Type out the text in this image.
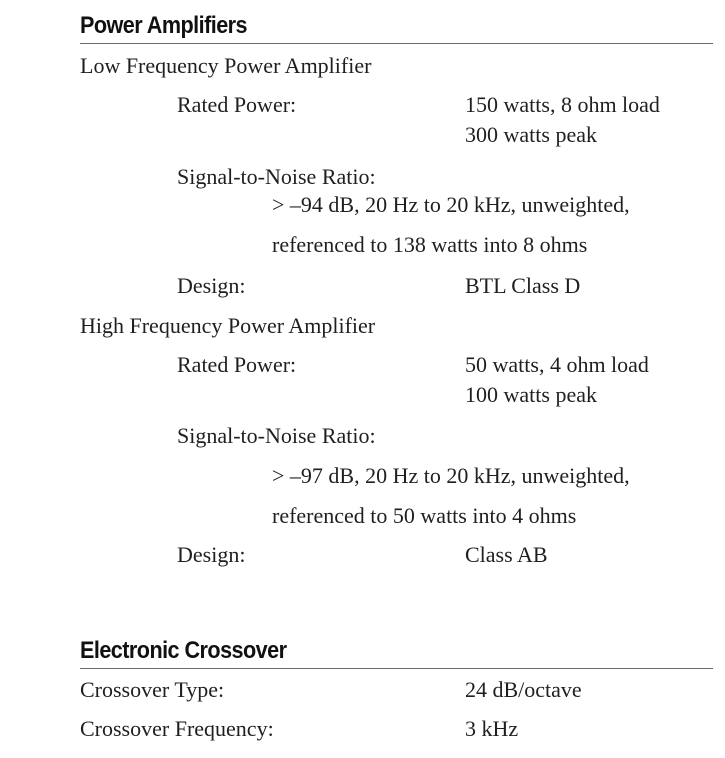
Power Amplifiers
Low Frequency Power Amplifier
Rated Power:	150 watts, 8 ohm load
300 watts peak
Signal-to-Noise Ratio:
> –94 dB, 20 Hz to 20 kHz, unweighted,
referenced to 138 watts into 8 ohms
Design:	BTL Class D
High Frequency Power Amplifier
Rated Power:	50 watts, 4 ohm load
100 watts peak
Signal-to-Noise Ratio:
> –97 dB, 20 Hz to 20 kHz, unweighted,
referenced to 50 watts into 4 ohms
Design:	Class AB
Electronic Crossover
Crossover Type:	24 dB/octave
Crossover Frequency:	3 kHz
